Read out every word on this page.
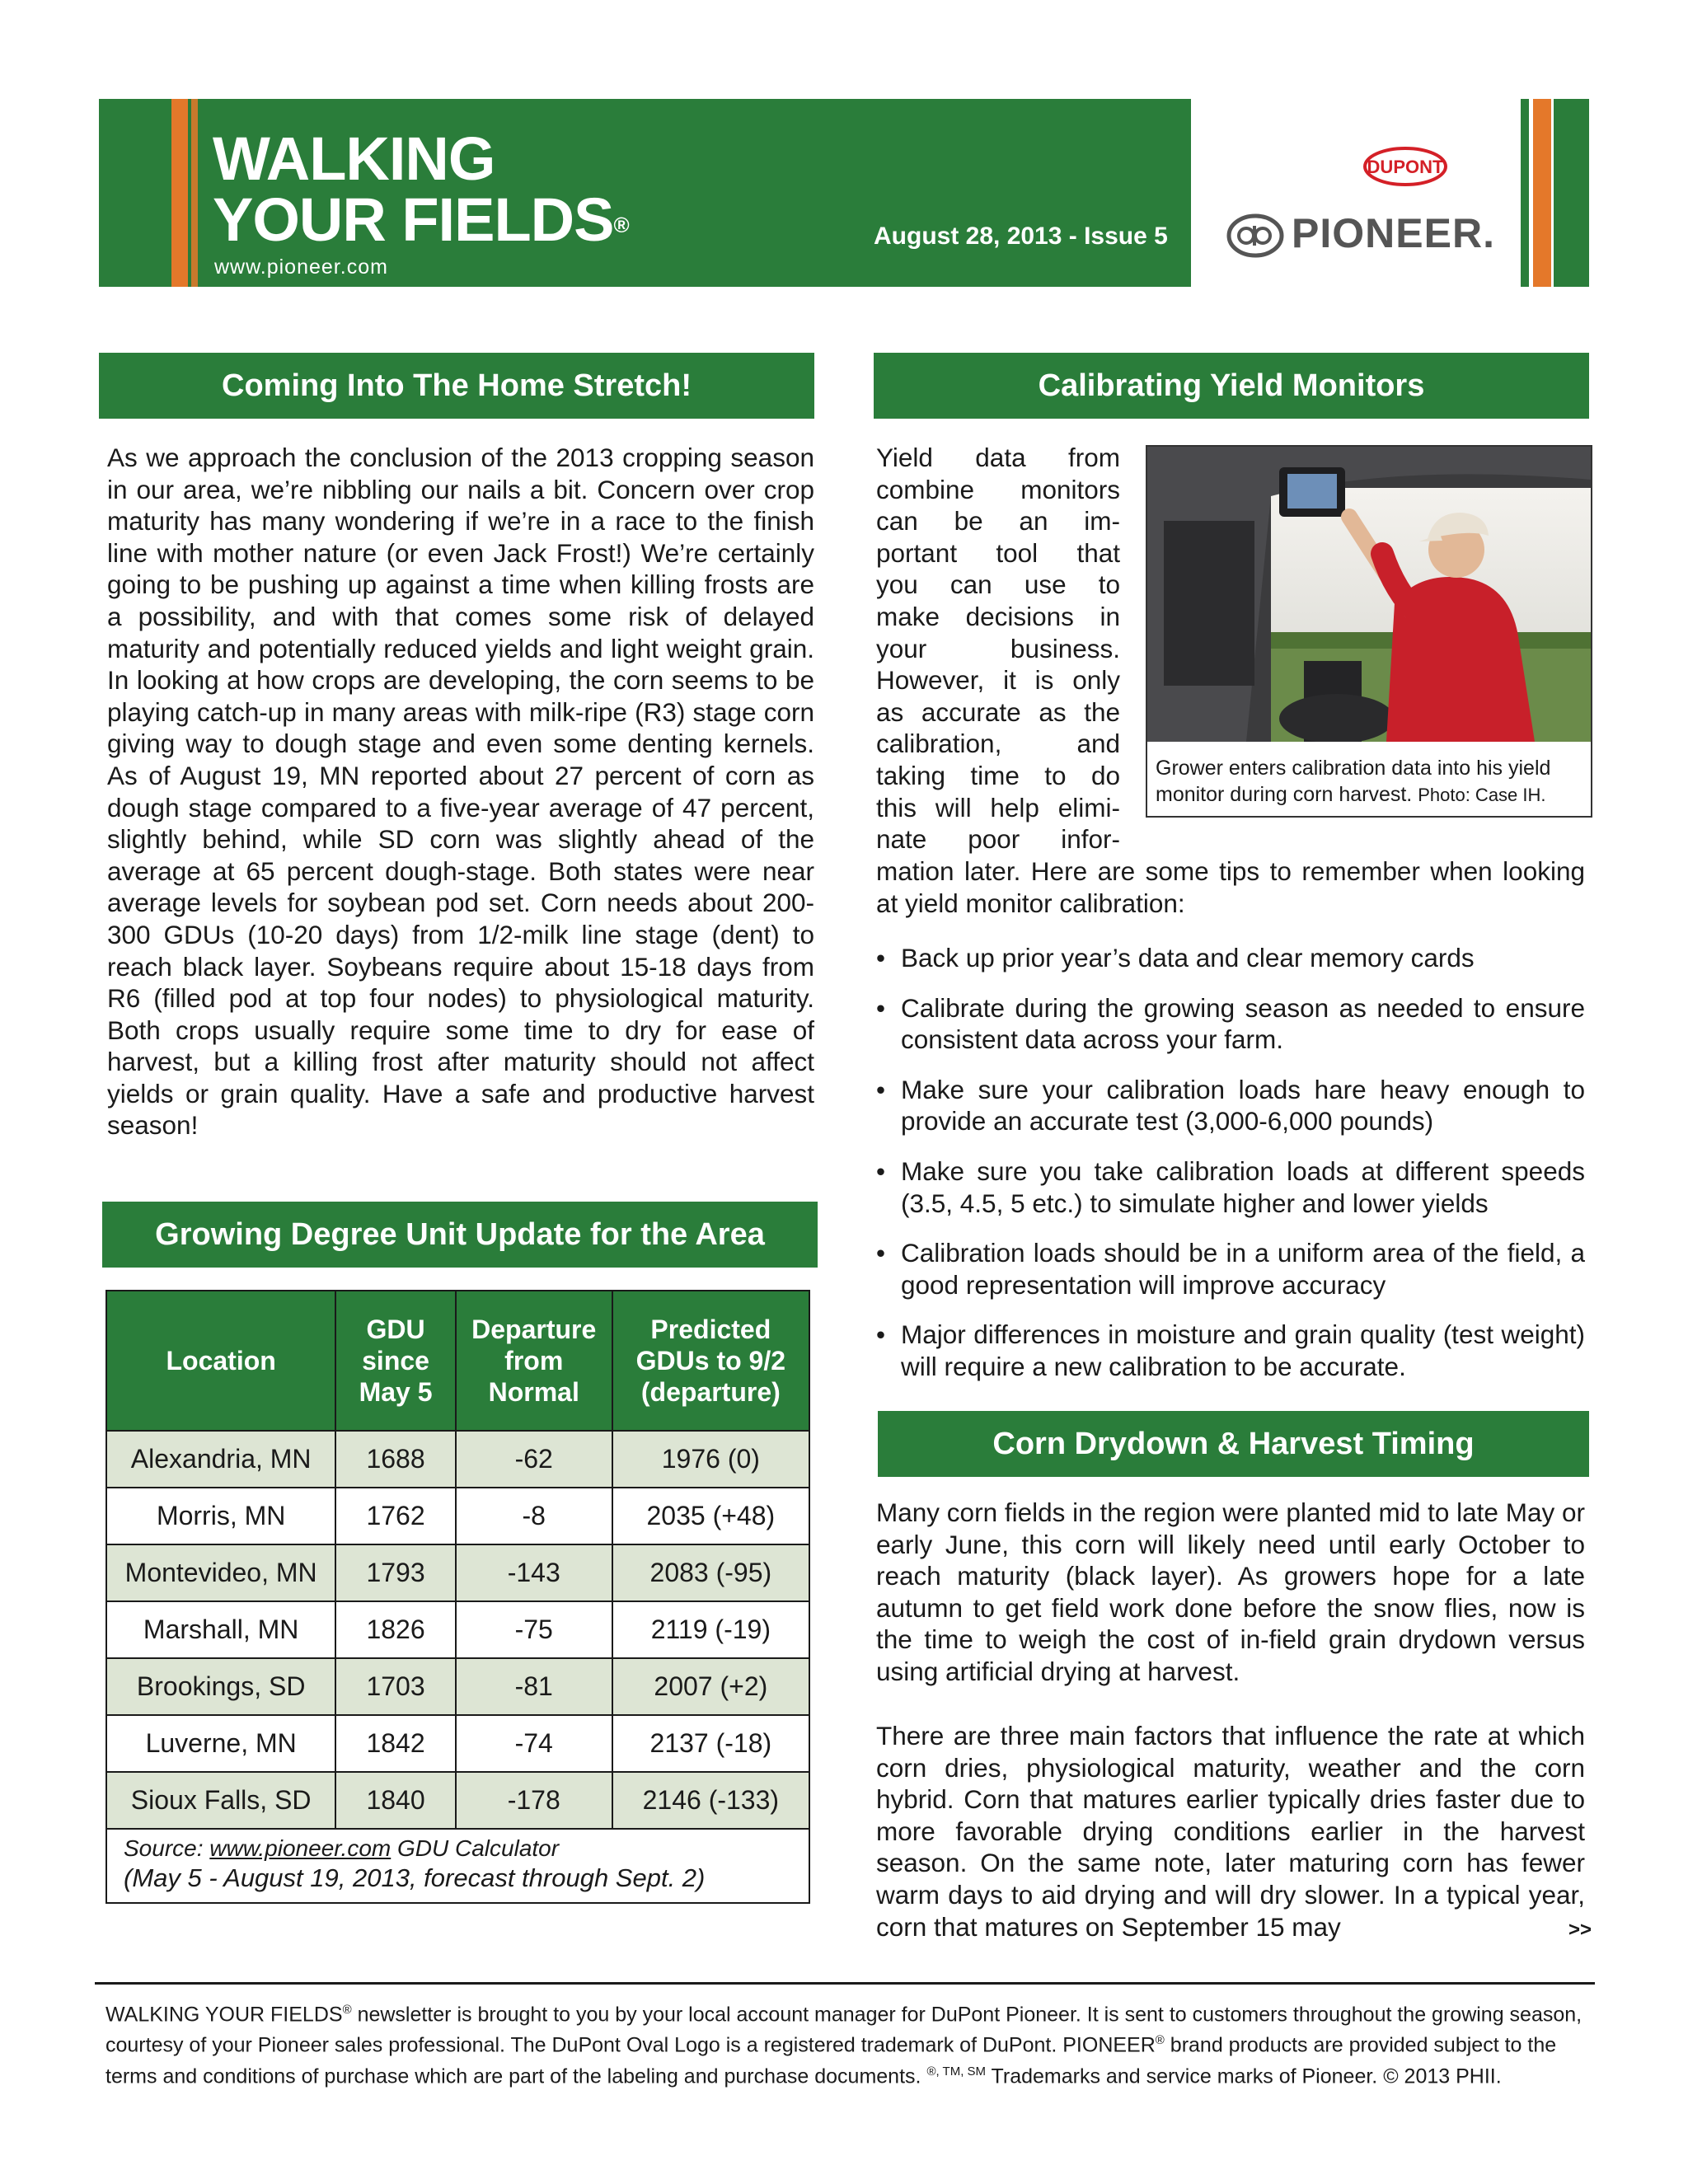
WALKING
YOUR FIELDS®
www.pioneer.com
August 28, 2013 - Issue 5
DUPONT
PIONEER.
Coming Into The Home Stretch!

As we approach the conclusion of the 2013 cropping season in our area, we’re nibbling our nails a bit. Concern over crop maturity has many wondering if we’re in a race to the finish line with mother nature (or even Jack Frost!) We’re certainly going to be pushing up against a time when killing frosts are a possibility, and with that comes some risk of delayed maturity and potentially reduced yields and light weight grain. In looking at how crops are developing, the corn seems to be playing catch-up in many areas with milk-ripe (R3) stage corn giving way to dough stage and even some denting kernels. As of August 19, MN reported about 27 percent of corn as dough stage compared to a five-year average of 47 percent, slightly behind, while SD corn was slightly ahead of the average at 65 percent dough-stage. Both states were near average levels for soybean pod set. Corn needs about 200-300 GDUs (10-20 days) from 1/2-milk line stage (dent) to reach black layer. Soybeans require about 15-18 days from R6 (filled pod at top four nodes) to physiological maturity. Both crops usually require some time to dry for ease of harvest, but a killing frost after maturity should not affect yields or grain quality. Have a safe and productive harvest season!

Growing Degree Unit Update for the Area
Location	GDU since May 5	Departure from Normal	Predicted GDUs to 9/2 (departure)
Alexandria, MN	1688	-62	1976 (0)
Morris, MN	1762	-8	2035 (+48)
Montevideo, MN	1793	-143	2083 (-95)
Marshall, MN	1826	-75	2119 (-19)
Brookings, SD	1703	-81	2007 (+2)
Luverne, MN	1842	-74	2137 (-18)
Sioux Falls, SD	1840	-178	2146 (-133)

Source: www.pioneer.com GDU Calculator
(May 5 - August 19, 2013, forecast through Sept. 2)			
Calibrating Yield Monitors
Yield data from
combine monitors
can be an im-
portant tool that
you can use to
make decisions in
your business.
However, it is only
as accurate as the
calibration, and
taking time to do
this will help elimi-
nate poor infor-

mation later. Here are some tips to remember when looking at yield monitor calibration:

Grower enters calibration data into his yield monitor during corn harvest. Photo: Case IH.
• Back up prior year’s data and clear memory cards
• Calibrate during the growing season as needed to ensure consistent data across your farm.
• Make sure your calibration loads hare heavy enough to provide an accurate test (3,000-6,000 pounds)
• Make sure you take calibration loads at different speeds (3.5, 4.5, 5 etc.) to simulate higher and lower yields
• Calibration loads should be in a uniform area of the field, a good representation will improve accuracy
• Major differences in moisture and grain quality (test weight) will require a new calibration to be accurate.
Corn Drydown & Harvest Timing

Many corn fields in the region were planted mid to late May or early June, this corn will likely need until early October to reach maturity (black layer). As growers hope for a late autumn to get field work done before the snow flies, now is the time to weigh the cost of in-field grain drydown versus using artificial drying at harvest.

There are three main factors that influence the rate at which corn dries, physiological maturity, weather and the corn hybrid. Corn that matures earlier typically dries faster due to more favorable drying conditions earlier in the harvest season. On the same note, later maturing corn has fewer warm days to aid drying and will dry slower. In a typical year, corn that matures on September 15 may	>>

WALKING YOUR FIELDS® newsletter is brought to you by your local account manager for DuPont Pioneer. It is sent to customers throughout the growing season, courtesy of your Pioneer sales professional. The DuPont Oval Logo is a registered trademark of DuPont. PIONEER® brand products are provided subject to the terms and conditions of purchase which are part of the labeling and purchase documents. $^{®, TM, SM}$ Trademarks and service marks of Pioneer. © 2013 PHII.
